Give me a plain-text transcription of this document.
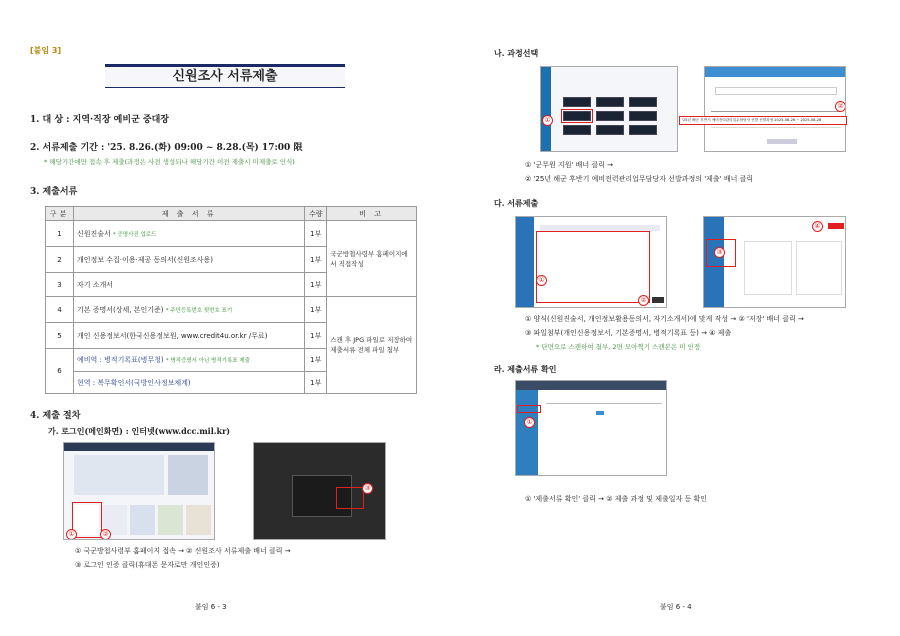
[붙임 3]
신원조사 서류제출
1. 대 상 : 지역·직장 예비군 중대장
2. 서류제출 기간 : '25. 8.26.(화) 09:00 ~ 8.28.(목) 17:00 限
* 해당기간에만 접속 후 제출(과정은 사전 생성되나 해당기간 이전 제출시 미제출로 인식)
3. 제출서류
구분	제 출 서 류	수량	비 고
1	신원진술서 * 증명사진 업로드	1부	국군방첩사령부 홈페이지에서 직접작성
2	개인정보 수집·이용·제공 동의서(신원조사용)	1부	
3	자기 소개서	1부	
4	기본 증명서(상세, 본인기준) * 주민등록번호 뒷번호 표기	1부	스캔 후 JPG 파일로 저장하여 제출서류 전체 파일 첨부
5	개인 신용정보서(한국신용정보원, www.credit4u.or.kr /무료)	1부	
6	예비역 : 병적기록표(병무청) * 병적증명서 아닌 병적기록표 제출	1부	
	현역 : 복무확인서(국방인사정보체계)	1부	
4. 제출 절차
가. 로그인(메인화면) : 인터넷(www.dcc.mil.kr)
①	②
③
① 국군방첩사령부 홈페이지 접속 → ② 신원조사 서류제출 배너 클릭 →
③ 로그인 인증 클릭(휴대폰 문자로만 개인인증)
붙임 6 - 3
나. 과정선택
①
②
'25년 해군 후반기 예비전력관리업무담당자 선발 선발과정 2025-08-26 ~ 2025-08-28
① '군무원 지원' 배너 클릭 →
② '25년 해군 후반기 예비전력관리업무담당자 선발과정의 '제출' 배너 클릭
다. 서류제출
①
②
③
④
① 양식(신원진술서, 개인정보활용동의서, 자기소개서)에 맞게 작성 → ② '저장' 배너 클릭 →
③ 파일첨부(개인신용정보서, 기본증명서, 병적기록표 등) → ④ 제출
* 단면으로 스캔하여 첨부, 2면 모아찍기 스캔본은 미 인정
라. 제출서류 확인
①
① '제출서류 확인' 클릭 → ② 제출 과정 및 제출일자 등 확인
붙임 6 - 4
